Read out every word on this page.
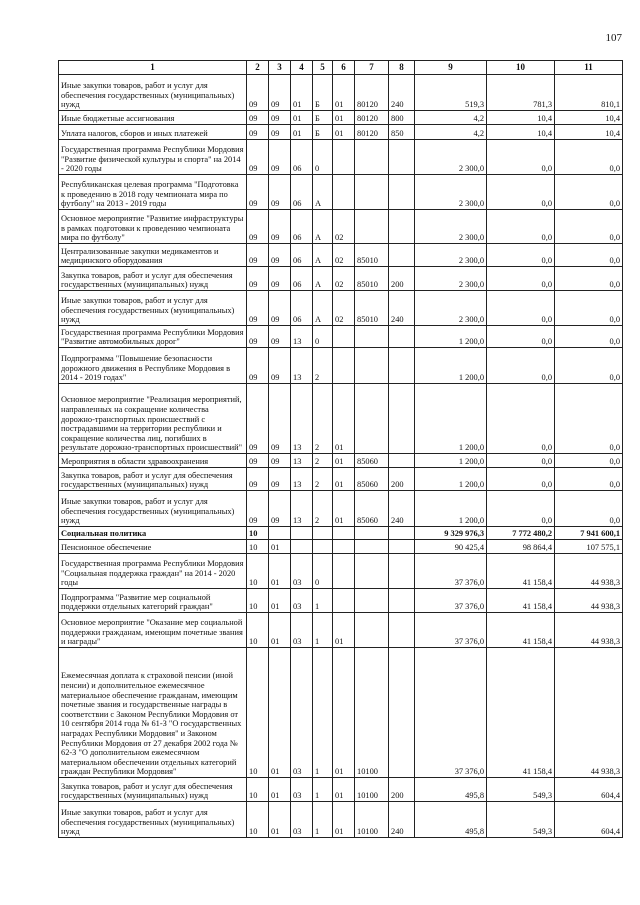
107
1	2	3	4	5	6	7	8	9	10	11
Иные закупки товаров, работ и услуг для обеспечения государственных (муниципальных) нужд	09	09	01	Б	01	80120	240	519,3	781,3	810,1
Иные бюджетные ассигнования	09	09	01	Б	01	80120	800	4,2	10,4	10,4
Уплата налогов, сборов и иных платежей	09	09	01	Б	01	80120	850	4,2	10,4	10,4
Государственная программа Республики Мордовия "Развитие физической культуры и спорта" на 2014 - 2020 годы	09	09	06	0				2 300,0	0,0	0,0
Республиканская целевая программа "Подготовка к проведению в 2018 году чемпионата мира по футболу" на 2013 - 2019 годы	09	09	06	А				2 300,0	0,0	0,0
Основное мероприятие "Развитие инфраструктуры в рамках подготовки к проведению чемпионата мира по футболу"	09	09	06	А	02			2 300,0	0,0	0,0
Централизованные закупки медикаментов и медицинского оборудования	09	09	06	А	02	85010		2 300,0	0,0	0,0
Закупка товаров, работ и услуг для обеспечения государственных (муниципальных) нужд	09	09	06	А	02	85010	200	2 300,0	0,0	0,0
Иные закупки товаров, работ и услуг для обеспечения государственных (муниципальных) нужд	09	09	06	А	02	85010	240	2 300,0	0,0	0,0
Государственная программа Республики Мордовия "Развитие автомобильных дорог"	09	09	13	0				1 200,0	0,0	0,0
Подпрограмма "Повышение безопасности дорожного движения в Республике Мордовия в 2014 - 2019 годах"	09	09	13	2				1 200,0	0,0	0,0
Основное мероприятие "Реализация мероприятий, направленных на сокращение количества дорожно-транспортных происшествий с пострадавшими на территории республики и сокращение количества лиц, погибших в результате дорожно-транспортных происшествий"	09	09	13	2	01			1 200,0	0,0	0,0
Мероприятия в области здравоохранения	09	09	13	2	01	85060		1 200,0	0,0	0,0
Закупка товаров, работ и услуг для обеспечения государственных (муниципальных) нужд	09	09	13	2	01	85060	200	1 200,0	0,0	0,0
Иные закупки товаров, работ и услуг для обеспечения государственных (муниципальных) нужд	09	09	13	2	01	85060	240	1 200,0	0,0	0,0
Социальная политика	10							9 329 976,3	7 772 480,2	7 941 600,1
Пенсионное обеспечение	10	01						90 425,4	98 864,4	107 575,1
Государственная программа Республики Мордовия "Социальная поддержка граждан" на 2014 - 2020 годы	10	01	03	0				37 376,0	41 158,4	44 938,3
Подпрограмма "Развитие мер социальной поддержки отдельных категорий граждан"	10	01	03	1				37 376,0	41 158,4	44 938,3
Основное мероприятие "Оказание мер социальной поддержки гражданам, имеющим почетные звания и награды"	10	01	03	1	01			37 376,0	41 158,4	44 938,3
Ежемесячная доплата к страховой пенсии (иной пенсии) и дополнительное ежемесячное материальное обеспечение гражданам, имеющим почетные звания и государственные награды в соответствии с Законом Республики Мордовия от 10 сентября 2014 года № 61-З "О государственных наградах Республики Мордовия" и Законом Республики Мордовия от 27 декабря 2002 года № 62-З "О дополнительном ежемесячном материальном обеспечении отдельных категорий граждан Республики Мордовия"	10	01	03	1	01	10100		37 376,0	41 158,4	44 938,3
Закупка товаров, работ и услуг для обеспечения государственных (муниципальных) нужд	10	01	03	1	01	10100	200	495,8	549,3	604,4
Иные закупки товаров, работ и услуг для обеспечения государственных (муниципальных) нужд	10	01	03	1	01	10100	240	495,8	549,3	604,4
